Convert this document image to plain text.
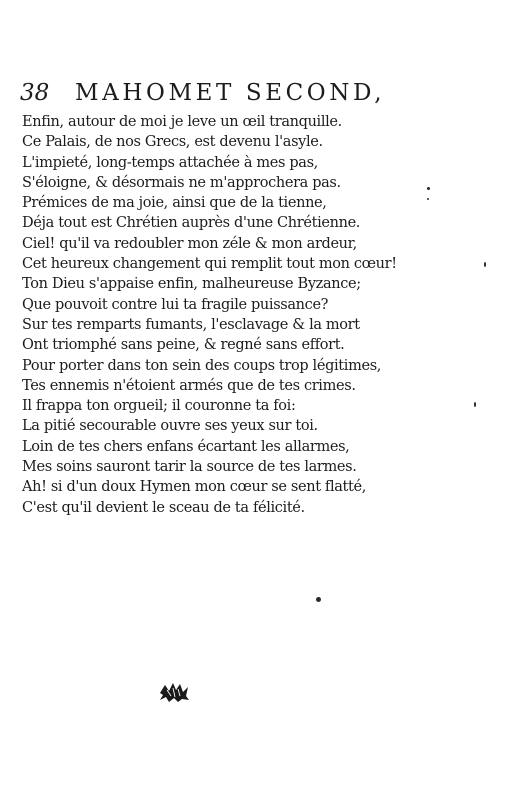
38 MAHOMET SECOND,
Enfin, autour de moi je leve un œil tranquille.
Ce Palais, de nos Grecs, est devenu l'asyle.
L'impieté, long-temps attachée à mes pas,
S'éloigne, & désormais ne m'approchera pas.
Prémices de ma joie, ainsi que de la tienne,
Déja tout est Chrétien auprès d'une Chrétienne.
Ciel! qu'il va redoubler mon zéle & mon ardeur,
Cet heureux changement qui remplit tout mon cœur!
Ton Dieu s'appaise enfin, malheureuse Byzance;
Que pouvoit contre lui ta fragile puissance?
Sur tes remparts fumants, l'esclavage & la mort
Ont triomphé sans peine, & regné sans effort.
Pour porter dans ton sein des coups trop légitimes,
Tes ennemis n'étoient armés que de tes crimes.
Il frappa ton orgueil; il couronne ta foi:
La pitié secourable ouvre ses yeux sur toi.
Loin de tes chers enfans écartant les allarmes,
Mes soins sauront tarir la source de tes larmes.
Ah! si d'un doux Hymen mon cœur se sent flatté,
C'est qu'il devient le sceau de ta félicité.
